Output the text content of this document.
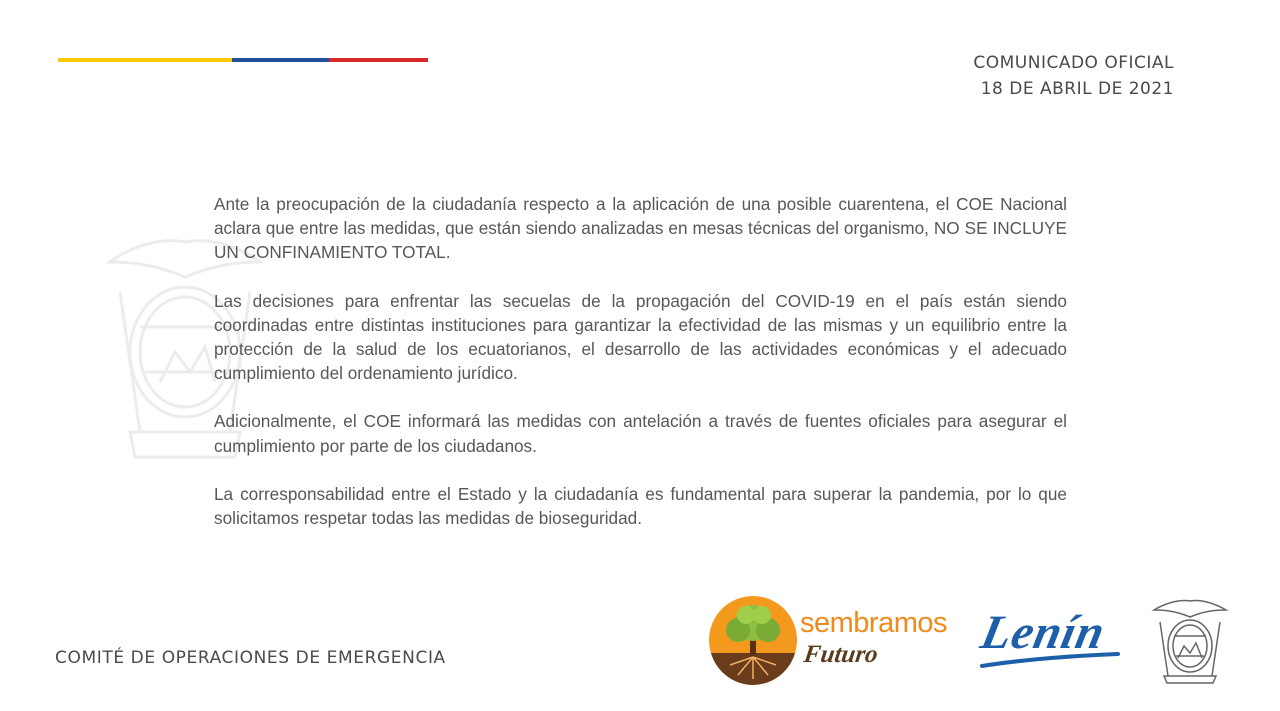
COMUNICADO OFICIAL
18 DE ABRIL DE 2021

Ante la preocupación de la ciudadanía respecto a la aplicación de una posible cuarentena, el COE Nacional aclara que entre las medidas, que están siendo analizadas en mesas técnicas del organismo, NO SE INCLUYE UN CONFINAMIENTO TOTAL.

Las decisiones para enfrentar las secuelas de la propagación del COVID-19 en el país están siendo coordinadas entre distintas instituciones para garantizar la efectividad de las mismas y un equilibrio entre la protección de la salud de los ecuatorianos, el desarrollo de las actividades económicas y el adecuado cumplimiento del ordenamiento jurídico.

Adicionalmente, el COE informará las medidas con antelación a través de fuentes oficiales para asegurar el cumplimiento por parte de los ciudadanos.

La corresponsabilidad entre el Estado y la ciudadanía es fundamental para superar la pandemia, por lo que solicitamos respetar todas las medidas de bioseguridad.

COMITÉ DE OPERACIONES DE EMERGENCIA
sembramos
Futuro Lenín
